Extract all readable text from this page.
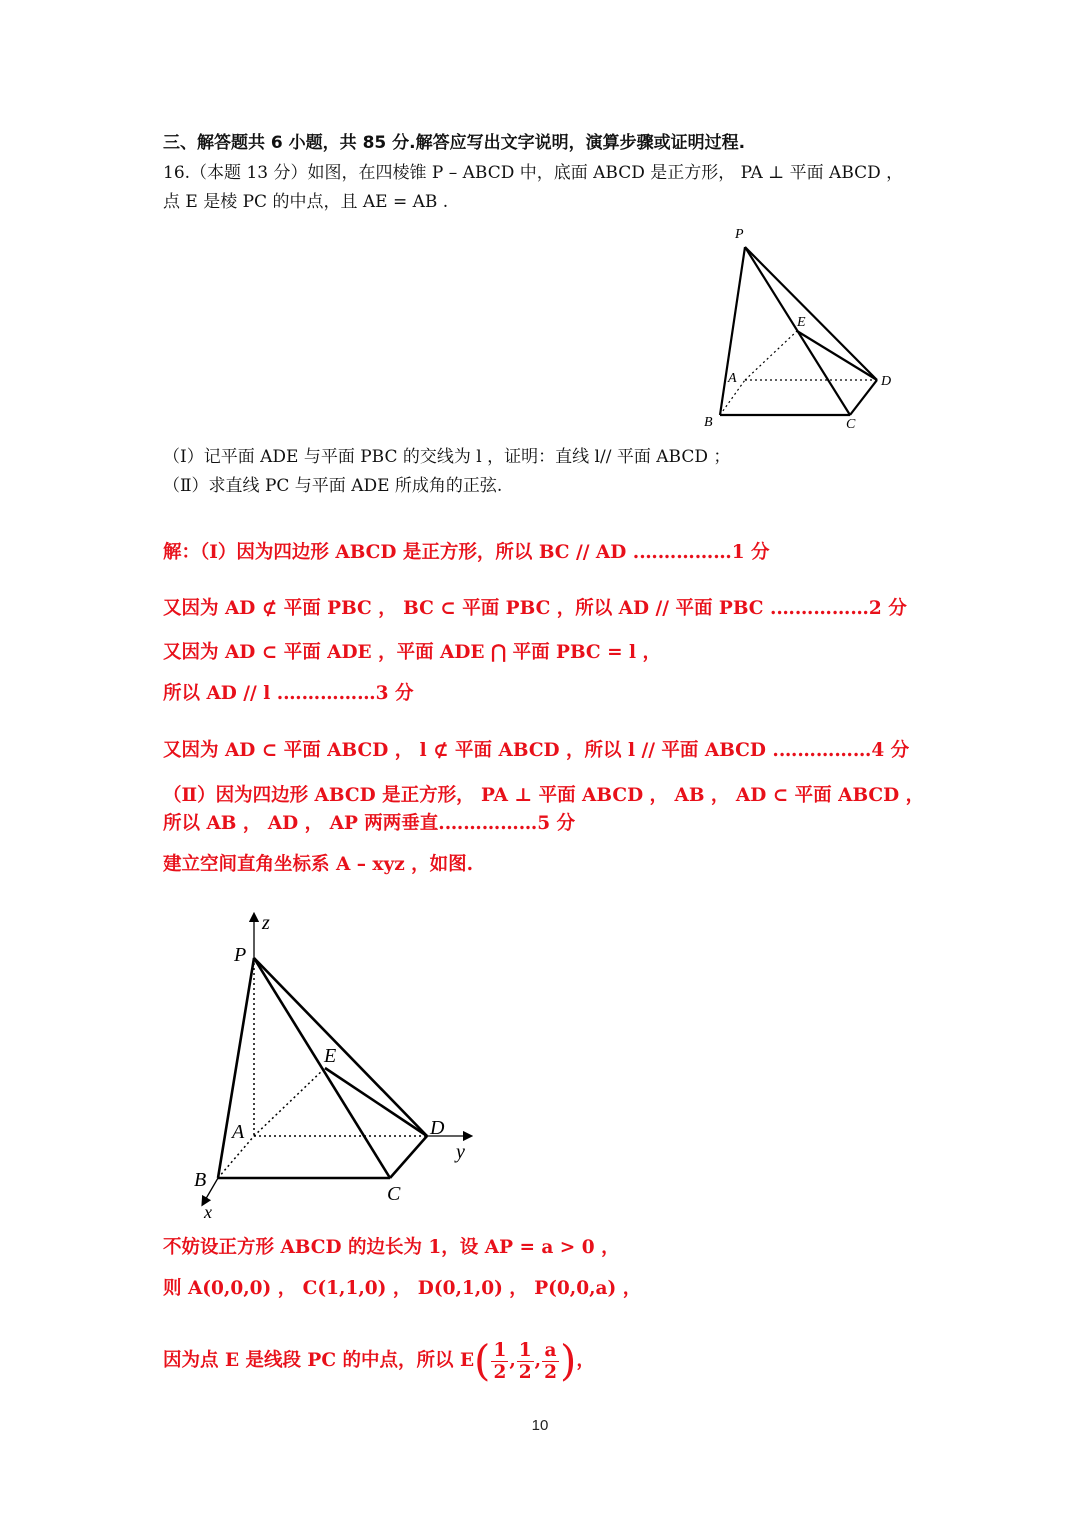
三、解答题共 6 小题，共 85 分.解答应写出文字说明，演算步骤或证明过程.
16.（本题 13 分）如图，在四棱锥 P – ABCD 中，底面 ABCD 是正方形， PA ⊥ 平面 ABCD ，
点 E 是棱 PC 的中点，且 AE = AB .
P
E
A	D
B	C
（Ⅰ）记平面 ADE 与平面 PBC 的交线为 l ，证明：直线 l// 平面 ABCD ；
（Ⅱ）求直线 PC 与平面 ADE 所成角的正弦.
解：（Ⅰ）因为四边形 ABCD 是正方形，所以 BC // AD .……………1 分
又因为 AD ⊄ 平面 PBC ， BC ⊂ 平面 PBC ，所以 AD // 平面 PBC .……………2 分
又因为 AD ⊂ 平面 ADE ，平面 ADE ⋂ 平面 PBC = l ，
所以 AD // l .……………3 分
又因为 AD ⊂ 平面 ABCD ， l ⊄ 平面 ABCD ，所以 l // 平面 ABCD .……………4 分
（Ⅱ）因为四边形 ABCD 是正方形， PA ⊥ 平面 ABCD ， AB ， AD ⊂ 平面 ABCD ，
所以 AB ， AD ， AP 两两垂直.……………5 分
建立空间直角坐标系 A – xyz ，如图.
z
P
E
A	D
y
B
C
x
不妨设正方形 ABCD 的边长为 1，设 AP = a > 0 ，
则 A(0,0,0) ， C(1,1,0) ， D(0,1,0) ， P(0,0,a) ，
因为点 E 是线段 PC 的中点，所以 $E( \frac{1}{2}$ , $\frac{1}{2}$ , $\frac{a}{2}$ )，
10
